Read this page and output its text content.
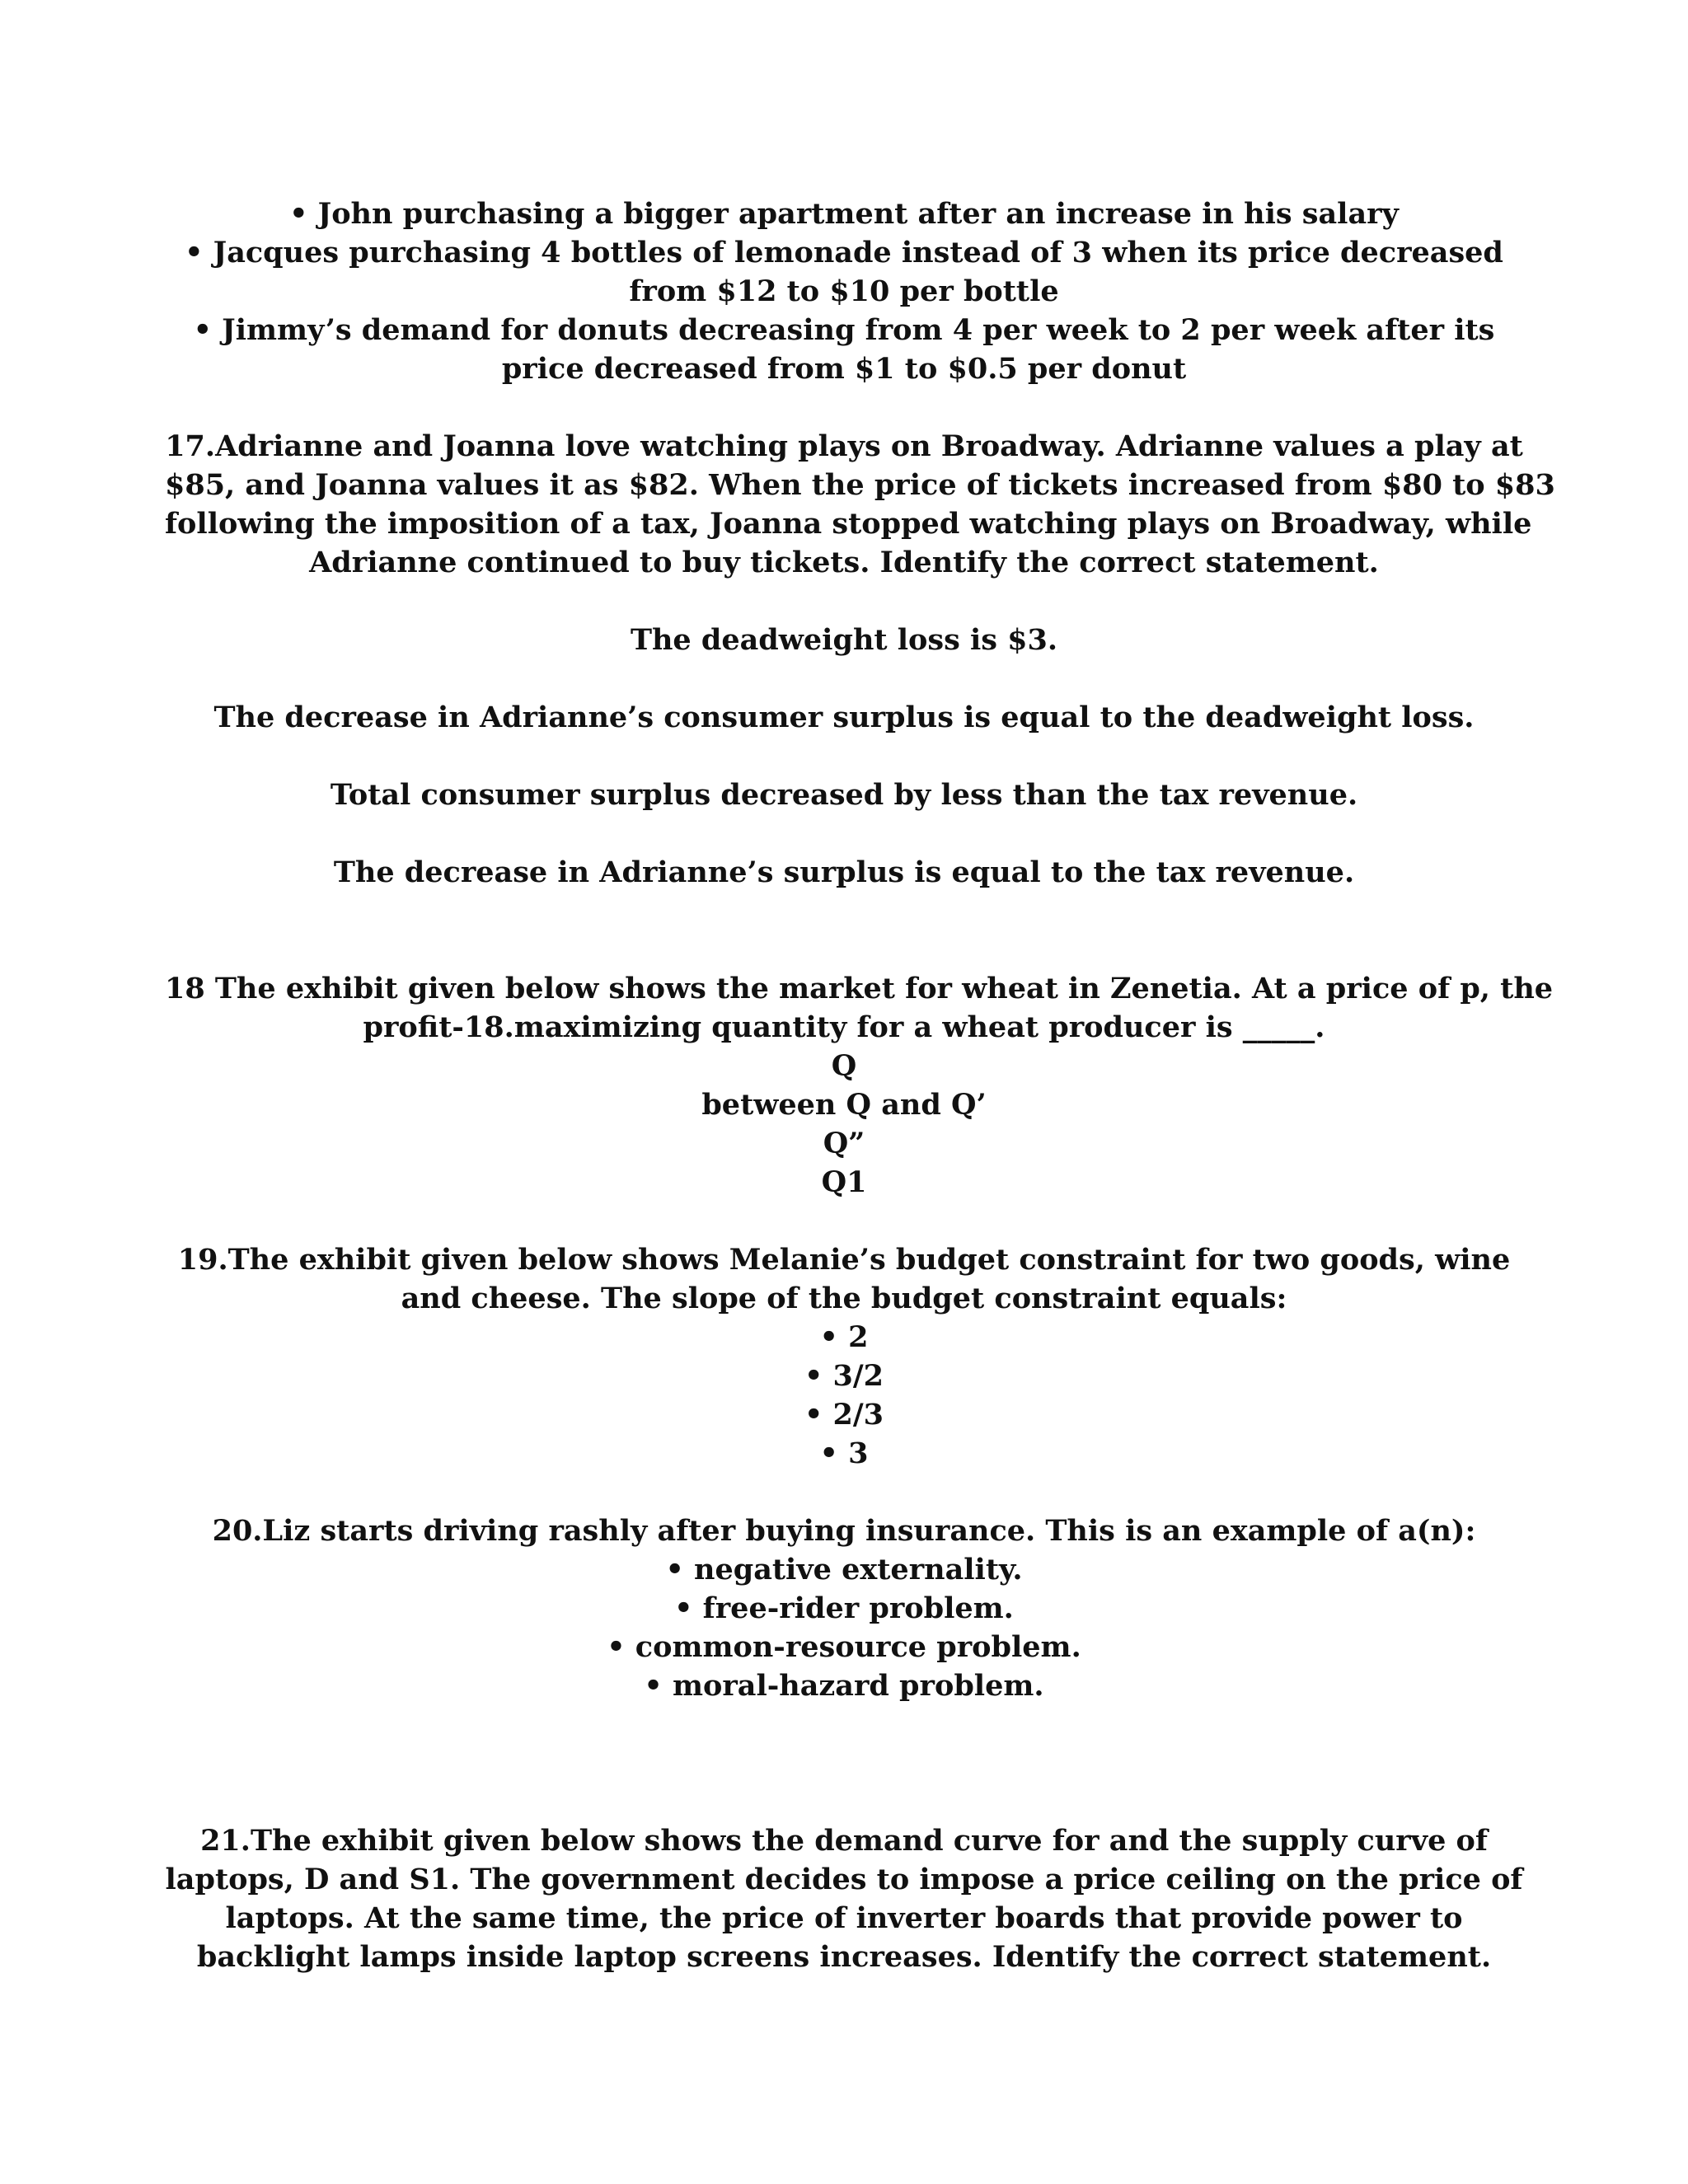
• John purchasing a bigger apartment after an increase in his salary
• Jacques purchasing 4 bottles of lemonade instead of 3 when its price decreased
from $12 to $10 per bottle
• Jimmy’s demand for donuts decreasing from 4 per week to 2 per week after its
price decreased from $1 to $0.5 per donut
17.Adrianne and Joanna love watching plays on Broadway. Adrianne values a play at
$85, and Joanna values it as $82. When the price of tickets increased from $80 to $83
following the imposition of a tax, Joanna stopped watching plays on Broadway, while
Adrianne continued to buy tickets. Identify the correct statement.
The deadweight loss is $3.
The decrease in Adrianne’s consumer surplus is equal to the deadweight loss.
Total consumer surplus decreased by less than the tax revenue.
The decrease in Adrianne’s surplus is equal to the tax revenue.
18 The exhibit given below shows the market for wheat in Zenetia. At a price of p, the
profit-18.maximizing quantity for a wheat producer is _____.
Q
between Q and Q’
Q”
Q1
19.The exhibit given below shows Melanie’s budget constraint for two goods, wine
and cheese. The slope of the budget constraint equals:
• 2
• 3/2
• 2/3
• 3
20.Liz starts driving rashly after buying insurance. This is an example of a(n):
• negative externality.
• free-rider problem.
• common-resource problem.
• moral-hazard problem.
21.The exhibit given below shows the demand curve for and the supply curve of
laptops, D and S1. The government decides to impose a price ceiling on the price of
laptops. At the same time, the price of inverter boards that provide power to
backlight lamps inside laptop screens increases. Identify the correct statement.
